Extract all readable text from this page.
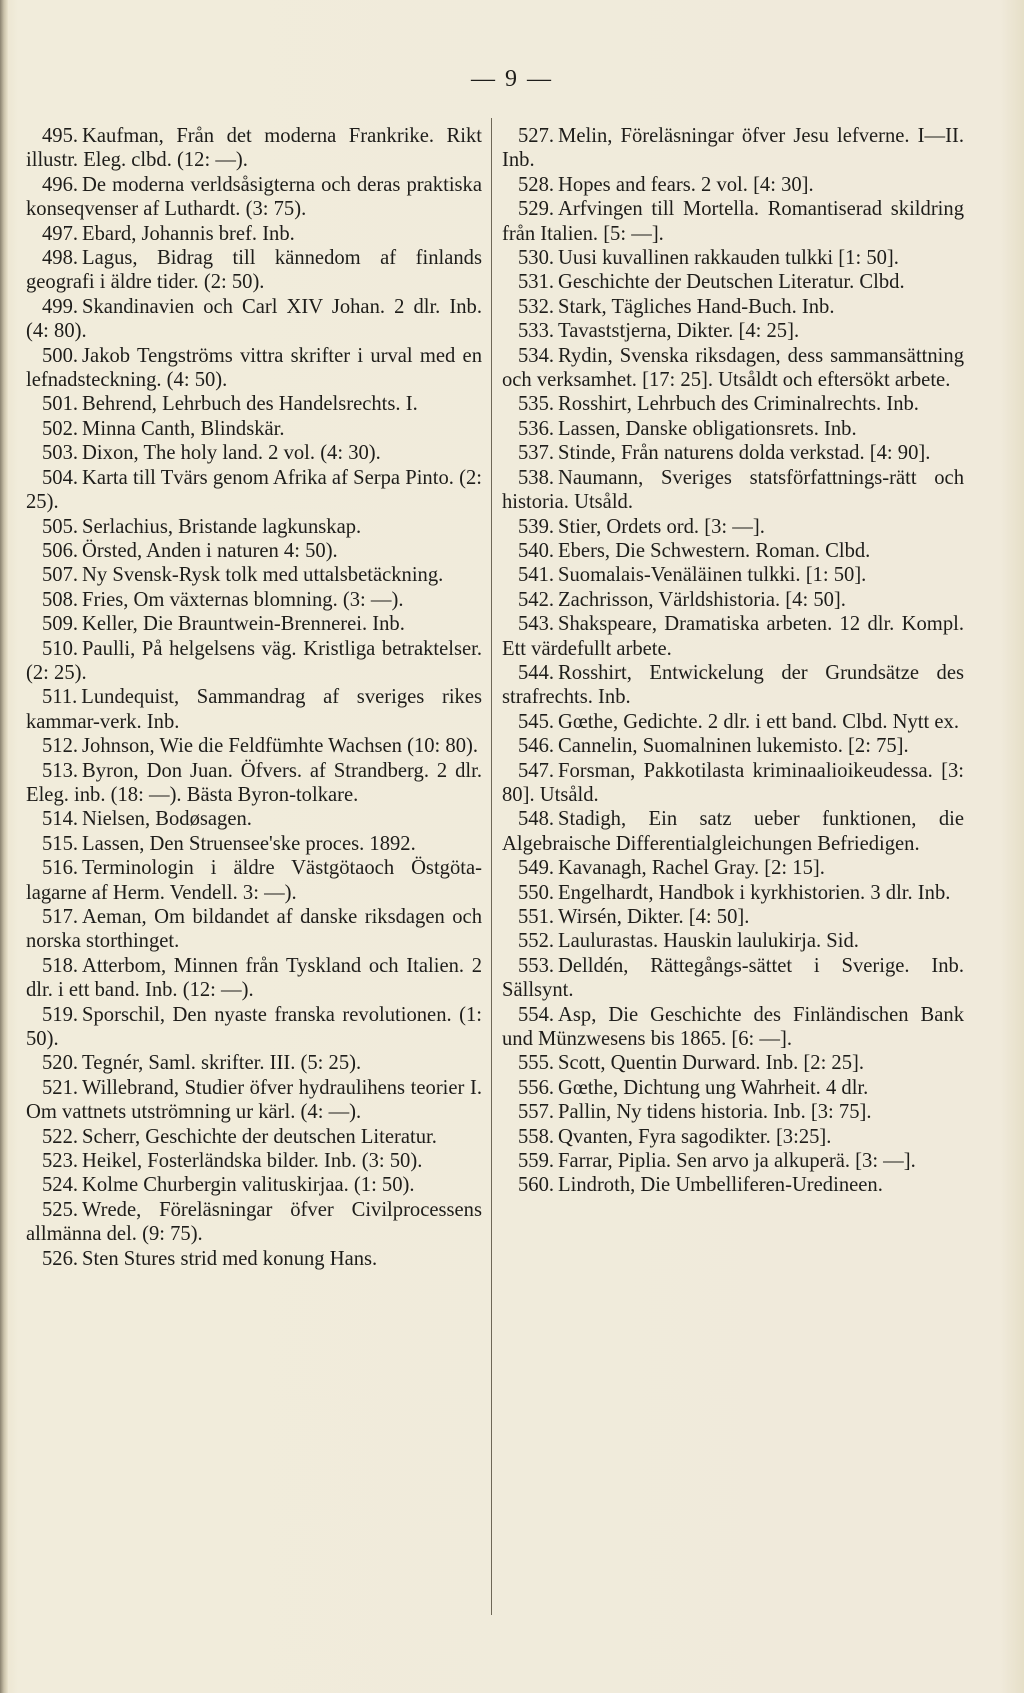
— 9 —

495. Kaufman, Från det moderna Frankrike. Rikt illustr. Eleg. clbd. (12: —).

496. De moderna verldsåsigterna och deras praktiska konseqvenser af Luthardt. (3: 75).

497. Ebard, Johannis bref. Inb.

498. Lagus, Bidrag till kännedom af finlands geografi i äldre tider. (2: 50).

499. Skandinavien och Carl XIV Johan. 2 dlr. Inb. (4: 80).

500. Jakob Tengströms vittra skrifter i urval med en lefnadsteckning. (4: 50).

501. Behrend, Lehrbuch des Handelsrechts. I.

502. Minna Canth, Blindskär.

503. Dixon, The holy land. 2 vol. (4: 30).

504. Karta till Tvärs genom Afrika af Serpa Pinto. (2: 25).

505. Serlachius, Bristande lagkunskap.

506. Örsted, Anden i naturen 4: 50).

507. Ny Svensk-Rysk tolk med uttalsbetäckning.

508. Fries, Om växternas blomning. (3: —).

509. Keller, Die Brauntwein-Brennerei. Inb.

510. Paulli, På helgelsens väg. Kristliga betraktelser. (2: 25).

511. Lundequist, Sammandrag af sveriges rikes kammar-verk. Inb.

512. Johnson, Wie die Feldfümhte Wachsen (10: 80).

513. Byron, Don Juan. Öfvers. af Strandberg. 2 dlr. Eleg. inb. (18: —). Bästa Byron-tolkare.

514. Nielsen, Bodøsagen.

515. Lassen, Den Struensee'ske proces. 1892.

516. Terminologin i äldre Västgötaoch Östgöta-lagarne af Herm. Vendell. 3: —).

517. Aeman, Om bildandet af danske riksdagen och norska storthinget.

518. Atterbom, Minnen från Tyskland och Italien. 2 dlr. i ett band. Inb. (12: —).

519. Sporschil, Den nyaste franska revolutionen. (1: 50).

520. Tegnér, Saml. skrifter. III. (5: 25).

521. Willebrand, Studier öfver hydraulihens teorier I. Om vattnets utströmning ur kärl. (4: —).

522. Scherr, Geschichte der deutschen Literatur.

523. Heikel, Fosterländska bilder. Inb. (3: 50).

524. Kolme Churbergin valituskirjaa. (1: 50).

525. Wrede, Föreläsningar öfver Civilprocessens allmänna del. (9: 75).

526. Sten Stures strid med konung Hans.

527. Melin, Föreläsningar öfver Jesu lefverne. I—II. Inb.

528. Hopes and fears. 2 vol. [4: 30].

529. Arfvingen till Mortella. Romantiserad skildring från Italien. [5: —].

530. Uusi kuvallinen rakkauden tulkki [1: 50].

531. Geschichte der Deutschen Literatur. Clbd.

532. Stark, Tägliches Hand-Buch. Inb.

533. Tavaststjerna, Dikter. [4: 25].

534. Rydin, Svenska riksdagen, dess sammansättning och verksamhet. [17: 25]. Utsåldt och eftersökt arbete.

535. Rosshirt, Lehrbuch des Criminalrechts. Inb.

536. Lassen, Danske obligationsrets. Inb.

537. Stinde, Från naturens dolda verkstad. [4: 90].

538. Naumann, Sveriges statsförfattnings-rätt och historia. Utsåld.

539. Stier, Ordets ord. [3: —].

540. Ebers, Die Schwestern. Roman. Clbd.

541. Suomalais-Venäläinen tulkki. [1: 50].

542. Zachrisson, Världshistoria. [4: 50].

543. Shakspeare, Dramatiska arbeten. 12 dlr. Kompl. Ett värdefullt arbete.

544. Rosshirt, Entwickelung der Grundsätze des strafrechts. Inb.

545. Gœthe, Gedichte. 2 dlr. i ett band. Clbd. Nytt ex.

546. Cannelin, Suomalninen lukemisto. [2: 75].

547. Forsman, Pakkotilasta kriminaalioikeudessa. [3: 80]. Utsåld.

548. Stadigh, Ein satz ueber funktionen, die Algebraische Differentialgleichungen Befriedigen.

549. Kavanagh, Rachel Gray. [2: 15].

550. Engelhardt, Handbok i kyrkhistorien. 3 dlr. Inb.

551. Wirsén, Dikter. [4: 50].

552. Laulurastas. Hauskin laulukirja. Sid.

553. Delldén, Rättegångs-sättet i Sverige. Inb. Sällsynt.

554. Asp, Die Geschichte des Finländischen Bank und Münzwesens bis 1865. [6: —].

555. Scott, Quentin Durward. Inb. [2: 25].

556. Gœthe, Dichtung ung Wahrheit. 4 dlr.

557. Pallin, Ny tidens historia. Inb. [3: 75].

558. Qvanten, Fyra sagodikter. [3:25].

559. Farrar, Piplia. Sen arvo ja alkuperä. [3: —].

560. Lindroth, Die Umbelliferen-Uredineen.
